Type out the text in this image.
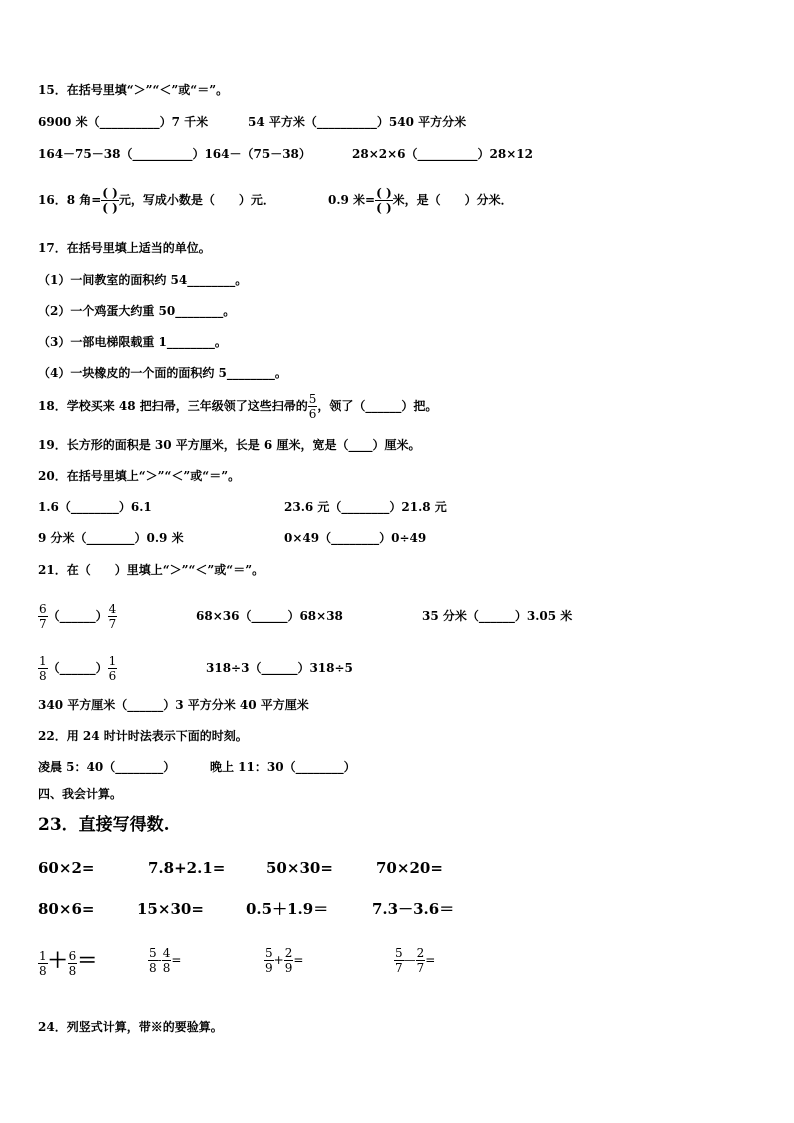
15．在括号里填“＞”“＜”或“＝”。
6900 米（__________）7 千米	54 平方米（__________）540 平方分米
164－75－38（__________）164－（75－38）	28×2×6（__________）28×12
16．8 角= $\frac{( )}{( )}$ 元，写成小数是（　　）元．	0.9 米= $\frac{( )}{( )}$ 米，是（　　）分米．
17．在括号里填上适当的单位。
（1）一间教室的面积约 54________。
（2）一个鸡蛋大约重 50________。
（3）一部电梯限载重 1________。
（4）一块橡皮的一个面的面积约 5________。
18．学校买来 48 把扫帚，三年级领了这些扫帚的 $\frac{5}{6}$ ，领了（______）把。
19．长方形的面积是 30 平方厘米，长是 6 厘米，宽是（____）厘米。
20．在括号里填上“＞”“＜”或“＝”。
1.6（________）6.1	23.6 元（________）21.8 元
9 分米（________）0.9 米	0×49（________）0÷49
21．在（　　）里填上“＞”“＜”或“＝”。
$\frac{6}{7}$ （______） $\frac{4}{7}$	68×36（______）68×38	35 分米（______）3.05 米
$\frac{1}{8}$ （______） $\frac{1}{6}$	318÷3（______）318÷5
340 平方厘米（______）3 平方分米 40 平方厘米
22．用 24 时计时法表示下面的时刻。
凌晨 5：40（________）	晚上 11：30（________）
四、我会计算。
23．直接写得数.
60×2=	7.8+2.1=	50×30=	70×20=
80×6=	15×30=	0.5＋1.9＝	7.3－3.6＝
$\frac{1}{8} + \frac{6}{8}$ ＝	$\frac{5}{8} - \frac{4}{8}$ =	$\frac{5}{9} + \frac{2}{9}$ =	$\frac{5}{7}$ — $\frac{2}{7}$ =
24．列竖式计算，带※的要验算。
